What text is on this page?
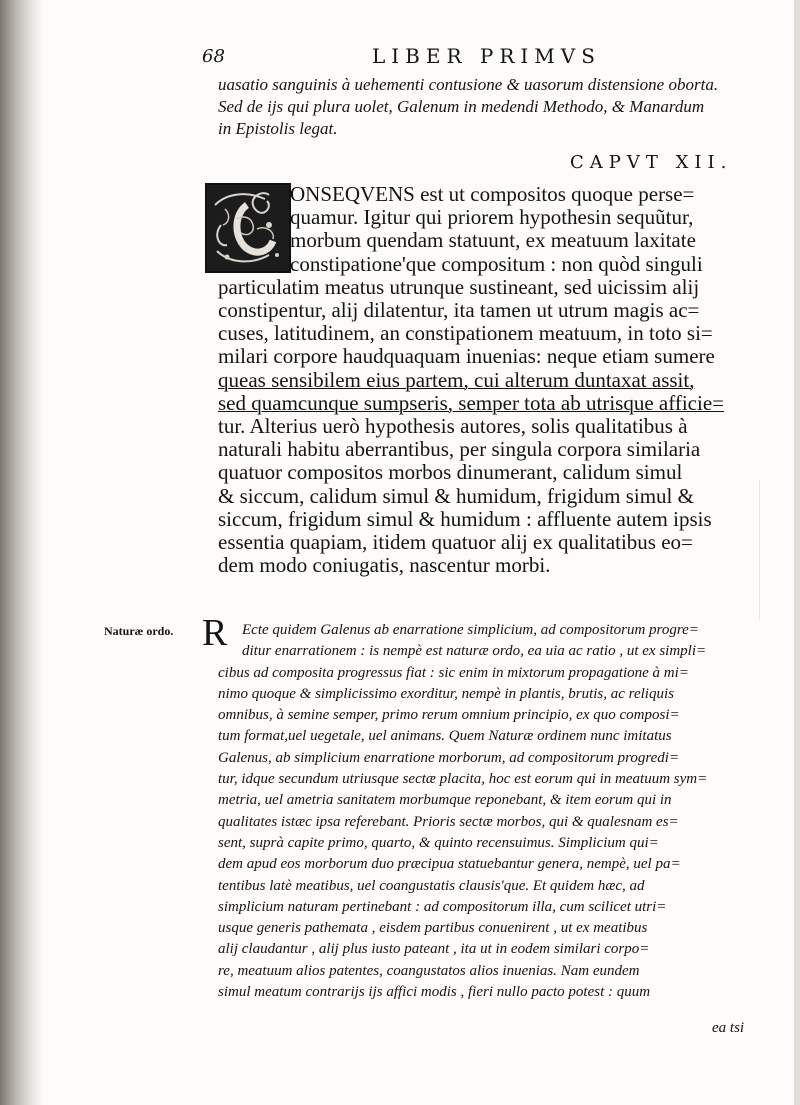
68	LIBER PRIMVS
uasatio sanguinis à uehementi contusione & uasorum distensione oborta.
Sed de ijs qui plura uolet, Galenum in medendi Methodo, & Manardum
in Epistolis legat.
CAPVT XII.
ONSEQVENS est ut compositos quoque perse=
quamur. Igitur qui priorem hypothesin sequũtur,
morbum quendam statuunt, ex meatuum laxitate
constipatione'que compositum : non quòd singuli
particulatim meatus utrunque sustineant, sed uicissim alij
constipentur, alij dilatentur, ita tamen ut utrum magis ac=
cuses, latitudinem, an constipationem meatuum, in toto si=
milari corpore haudquaquam inuenias: neque etiam sumere
queas sensibilem eius partem, cui alterum duntaxat assit,
sed quamcunque sumpseris, semper tota ab utrisque afficie=
tur. Alterius uerò hypothesis autores, solis qualitatibus à
naturali habitu aberrantibus, per singula corpora similaria
quatuor compositos morbos dinumerant, calidum simul
& siccum, calidum simul & humidum, frigidum simul &
siccum, frigidum simul & humidum : affluente autem ipsis
essentia quapiam, itidem quatuor alij ex qualitatibus eo=
dem modo coniugatis, nascentur morbi.
Naturæ ordo. R Ecte quidem Galenus ab enarratione simplicium, ad compositorum progre=
ditur enarrationem : is nempè est naturæ ordo, ea uia ac ratio , ut ex simpli=
cibus ad composita progressus fiat : sic enim in mixtorum propagatione à mi=
nimo quoque & simplicissimo exorditur, nempè in plantis, brutis, ac reliquis
omnibus, à semine semper, primo rerum omnium principio, ex quo composi=
tum format,uel uegetale, uel animans. Quem Naturæ ordinem nunc imitatus
Galenus, ab simplicium enarratione morborum, ad compositorum progredi=
tur, idque secundum utriusque sectæ placita, hoc est eorum qui in meatuum sym=
metria, uel ametria sanitatem morbumque reponebant, & item eorum qui in
qualitates istæc ipsa referebant. Prioris sectæ morbos, qui & qualesnam es=
sent, suprà capite primo, quarto, & quinto recensuimus. Simplicium qui=
dem apud eos morborum duo præcipua statuebantur genera, nempè, uel pa=
tentibus latè meatibus, uel coangustatis clausis'que. Et quidem hæc, ad
simplicium naturam pertinebant : ad compositorum illa, cum scilicet utri=
usque generis pathemata , eisdem partibus conuenirent , ut ex meatibus
alij claudantur , alij plus iusto pateant , ita ut in eodem similari corpo=
re, meatuum alios patentes, coangustatos alios inuenias. Nam eundem
simul meatum contrarijs ijs affici modis , fieri nullo pacto potest : quum
ea tsi
